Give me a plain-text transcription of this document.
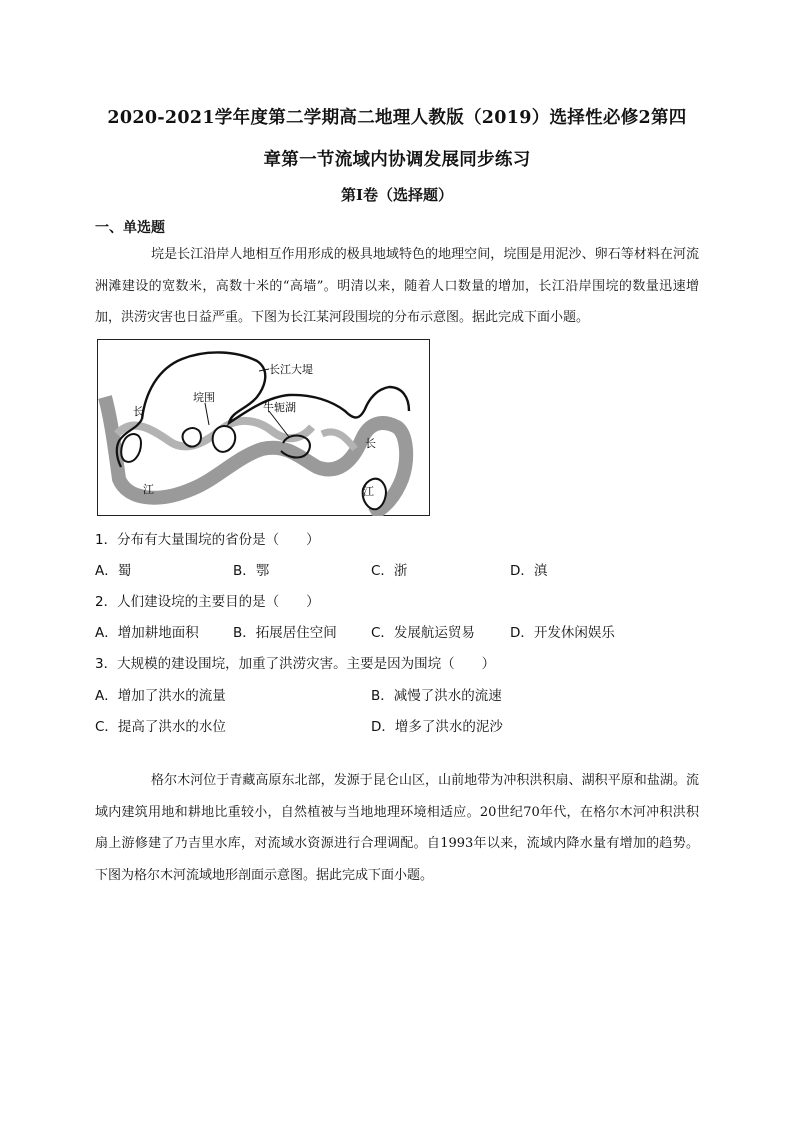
2020-2021学年度第二学期高二地理人教版（2019）选择性必修2第四
章第一节流域内协调发展同步练习
第I卷（选择题）
一、单选题

垸是长江沿岸人地相互作用形成的极具地域特色的地理空间，垸围是用泥沙、卵石等材料在河流洲滩建设的宽数米，高数十米的“高墙”。明清以来，随着人口数量的增加，长江沿岸围垸的数量迅速增加，洪涝灾害也日益严重。下图为长江某河段围垸的分布示意图。据此完成下面小题。

长江大堤
垸围
牛轭湖
长
江
长
江
1．分布有大量围垸的省份是（　　）
A．蜀	B．鄂	C．浙	D．滇
2．人们建设垸的主要目的是（　　）
A．增加耕地面积	B．拓展居住空间	C．发展航运贸易	D．开发休闲娱乐
3．大规模的建设围垸，加重了洪涝灾害。主要是因为围垸（　　）
A．增加了洪水的流量	B．减慢了洪水的流速
C．提高了洪水的水位	D．增多了洪水的泥沙

格尔木河位于青藏高原东北部，发源于昆仑山区，山前地带为冲积洪积扇、湖积平原和盐湖。流域内建筑用地和耕地比重较小，自然植被与当地地理环境相适应。20世纪70年代，在格尔木河冲积洪积扇上游修建了乃吉里水库，对流域水资源进行合理调配。自1993年以来，流域内降水量有增加的趋势。下图为格尔木河流域地形剖面示意图。据此完成下面小题。
